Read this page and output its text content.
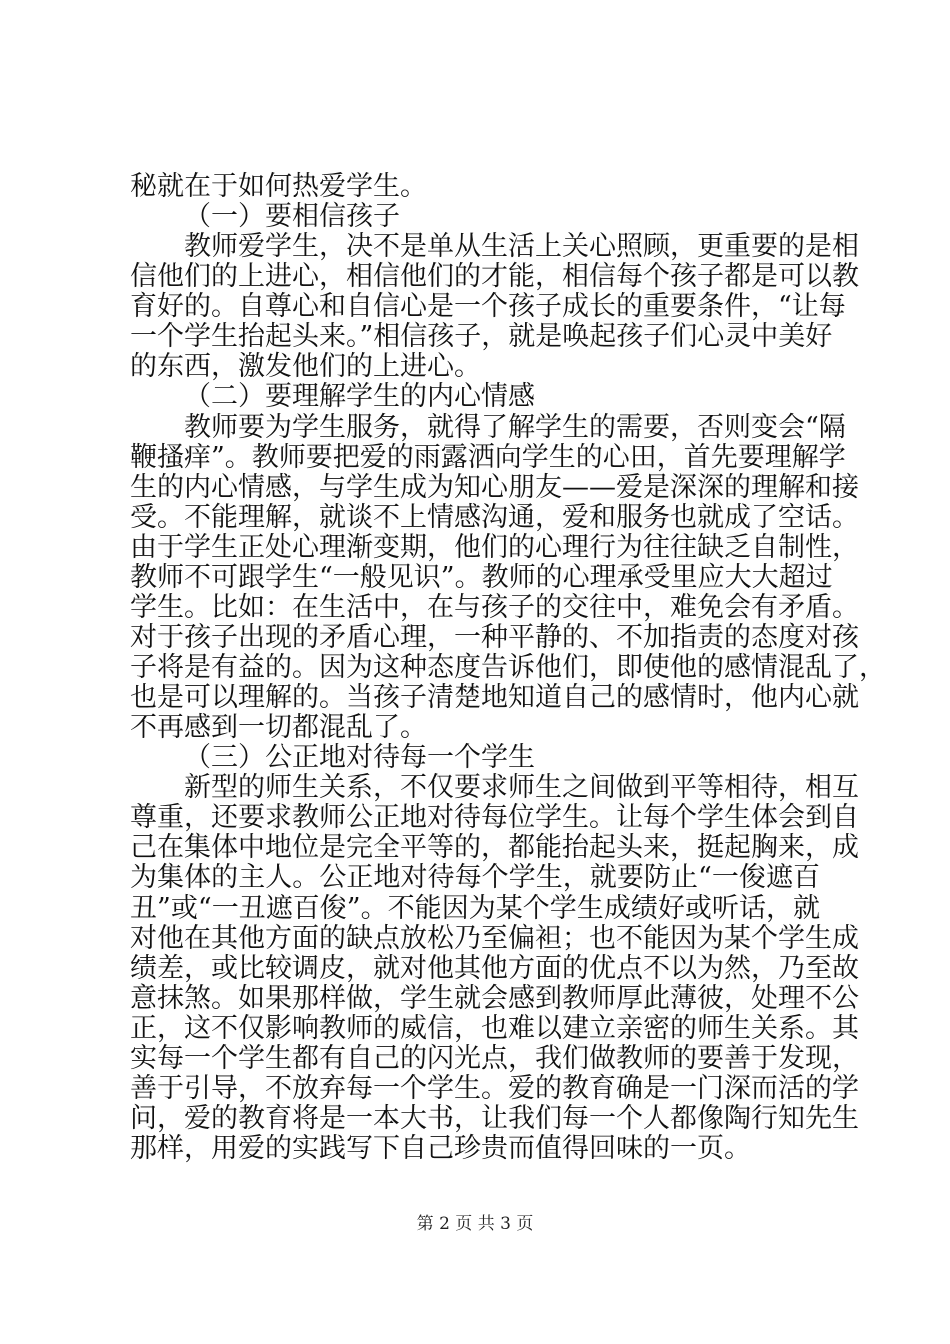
秘就在于如何热爱学生。
（一）要相信孩子
教师爱学生，决不是单从生活上关心照顾，更重要的是相
信他们的上进心，相信他们的才能，相信每个孩子都是可以教
育好的。自尊心和自信心是一个孩子成长的重要条件，“让每
一个学生抬起头来。”相信孩子，就是唤起孩子们心灵中美好
的东西，激发他们的上进心。
（二）要理解学生的内心情感
教师要为学生服务，就得了解学生的需要，否则变会“隔
鞭搔痒”。教师要把爱的雨露洒向学生的心田，首先要理解学
生的内心情感，与学生成为知心朋友——爱是深深的理解和接
受。不能理解，就谈不上情感沟通，爱和服务也就成了空话。
由于学生正处心理渐变期，他们的心理行为往往缺乏自制性，
教师不可跟学生“一般见识”。教师的心理承受里应大大超过
学生。比如：在生活中，在与孩子的交往中，难免会有矛盾。
对于孩子出现的矛盾心理，一种平静的、不加指责的态度对孩
子将是有益的。因为这种态度告诉他们，即使他的感情混乱了，
也是可以理解的。当孩子清楚地知道自己的感情时，他内心就
不再感到一切都混乱了。
（三）公正地对待每一个学生
新型的师生关系，不仅要求师生之间做到平等相待，相互
尊重，还要求教师公正地对待每位学生。让每个学生体会到自
己在集体中地位是完全平等的，都能抬起头来，挺起胸来，成
为集体的主人。公正地对待每个学生，就要防止“一俊遮百
丑”或“一丑遮百俊”。不能因为某个学生成绩好或听话，就
对他在其他方面的缺点放松乃至偏袒；也不能因为某个学生成
绩差，或比较调皮，就对他其他方面的优点不以为然，乃至故
意抹煞。如果那样做，学生就会感到教师厚此薄彼，处理不公
正，这不仅影响教师的威信，也难以建立亲密的师生关系。其
实每一个学生都有自己的闪光点，我们做教师的要善于发现，
善于引导，不放弃每一个学生。爱的教育确是一门深而活的学
问，爱的教育将是一本大书，让我们每一个人都像陶行知先生
那样，用爱的实践写下自己珍贵而值得回味的一页。
第 2 页 共 3 页
